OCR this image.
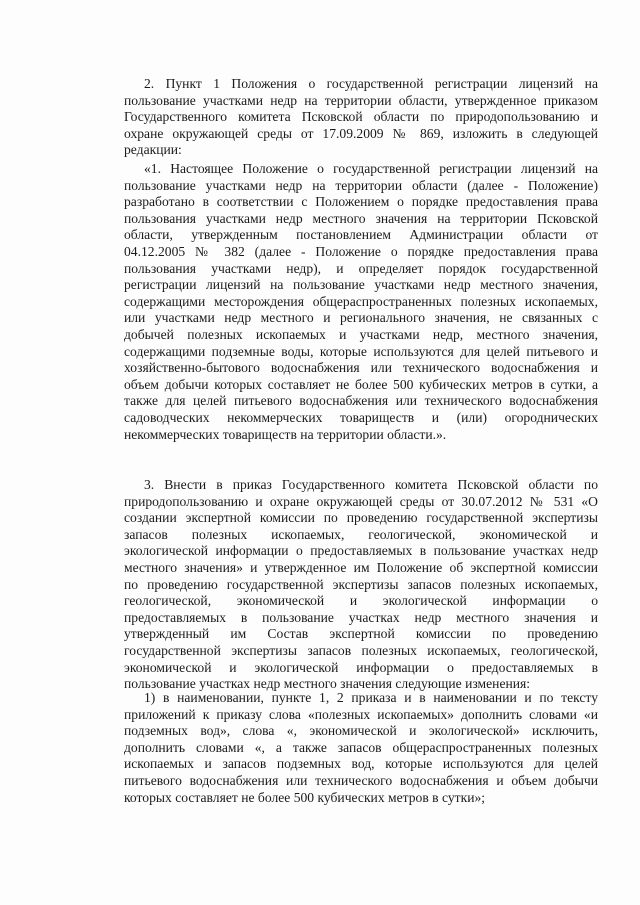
2. Пункт 1 Положения о государственной регистрации лицензий на
пользование участками недр на территории области, утвержденное приказом
Государственного комитета Псковской области по природопользованию и
охране окружающей среды от 17.09.2009 № 869, изложить в следующей
редакции:

«1. Настоящее Положение о государственной регистрации лицензий на
пользование участками недр на территории области (далее - Положение)
разработано в соответствии с Положением о порядке предоставления права
пользования участками недр местного значения на территории Псковской
области, утвержденным постановлением Администрации области от
04.12.2005 № 382 (далее - Положение о порядке предоставления права
пользования участками недр), и определяет порядок государственной
регистрации лицензий на пользование участками недр местного значения,
содержащими месторождения общераспространенных полезных ископаемых,
или участками недр местного и регионального значения, не связанных с
добычей полезных ископаемых и участками недр, местного значения,
содержащими подземные воды, которые используются для целей питьевого и
хозяйственно-бытового водоснабжения или технического водоснабжения и
объем добычи которых составляет не более 500 кубических метров в сутки, а
также для целей питьевого водоснабжения или технического водоснабжения
садоводческих некоммерческих товариществ и (или) огороднических
некоммерческих товариществ на территории области.».

3. Внести в приказ Государственного комитета Псковской области по
природопользованию и охране окружающей среды от 30.07.2012 № 531 «О
создании экспертной комиссии по проведению государственной экспертизы
запасов полезных ископаемых, геологической, экономической и
экологической информации о предоставляемых в пользование участках недр
местного значения» и утвержденное им Положение об экспертной комиссии
по проведению государственной экспертизы запасов полезных ископаемых,
геологической, экономической и экологической информации о
предоставляемых в пользование участках недр местного значения и
утвержденный им Состав экспертной комиссии по проведению
государственной экспертизы запасов полезных ископаемых, геологической,
экономической и экологической информации о предоставляемых в
пользование участках недр местного значения следующие изменения:

1) в наименовании, пункте 1, 2 приказа и в наименовании и по тексту
приложений к приказу слова «полезных ископаемых» дополнить словами «и
подземных вод», слова «, экономической и экологической» исключить,
дополнить словами «, а также запасов общераспространенных полезных
ископаемых и запасов подземных вод, которые используются для целей
питьевого водоснабжения или технического водоснабжения и объем добычи
которых составляет не более 500 кубических метров в сутки»;
